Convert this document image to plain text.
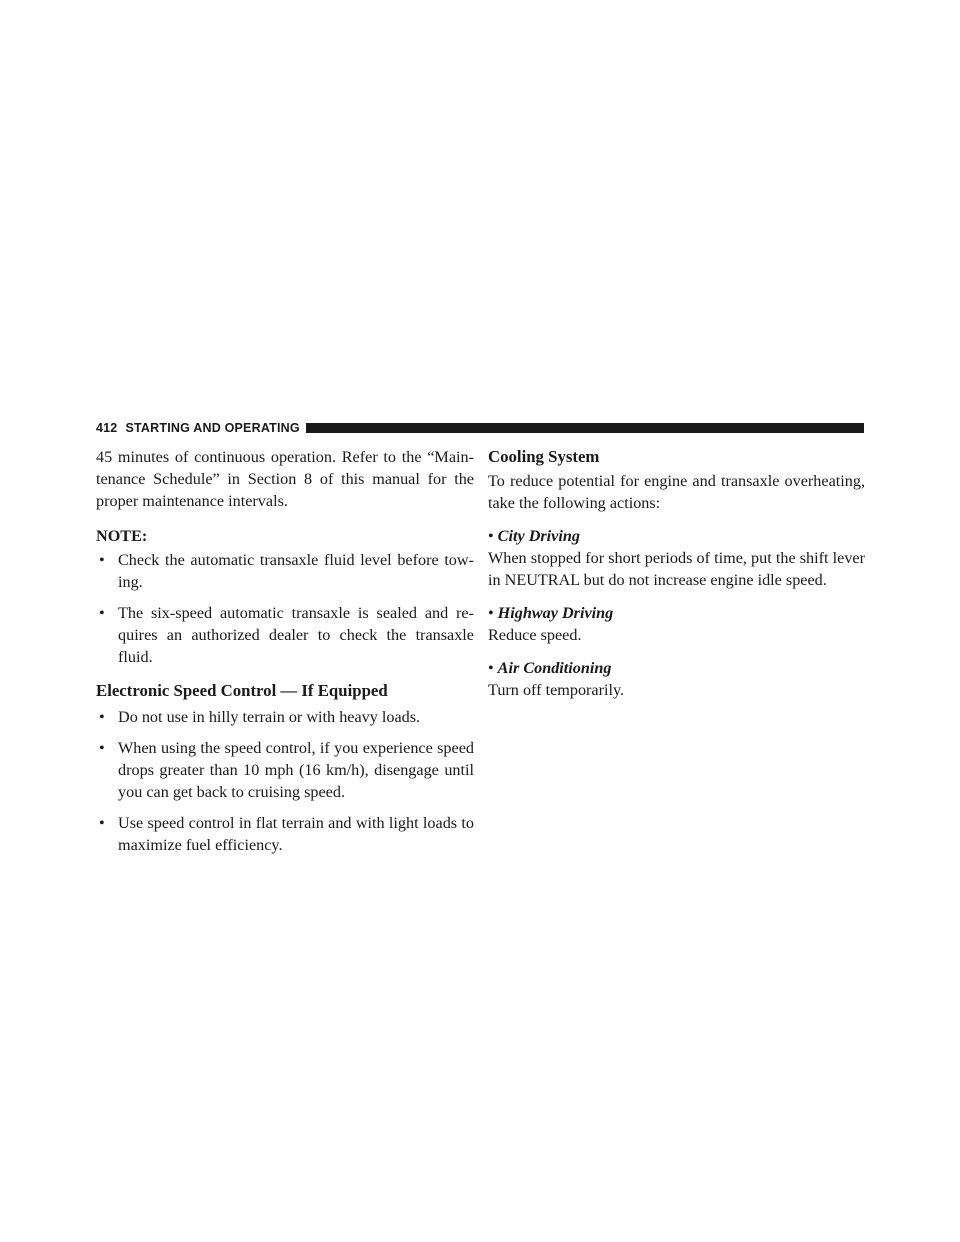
412 STARTING AND OPERATING

45 minutes of continuous operation. Refer to the “Main-tenance Schedule” in Section 8 of this manual for the proper maintenance intervals.

NOTE:

• Check the automatic transaxle fluid level before tow-ing.
• The six-speed automatic transaxle is sealed and re-quires an authorized dealer to check the transaxle fluid.
Electronic Speed Control — If Equipped
• Do not use in hilly terrain or with heavy loads.
• When using the speed control, if you experience speed drops greater than 10 mph (16 km/h), disengage until you can get back to cruising speed.
• Use speed control in flat terrain and with light loads to maximize fuel efficiency.
Cooling System

To reduce potential for engine and transaxle overheating, take the following actions:

• City Driving

When stopped for short periods of time, put the shift lever in NEUTRAL but do not increase engine idle speed.

• Highway Driving

Reduce speed.

• Air Conditioning

Turn off temporarily.
